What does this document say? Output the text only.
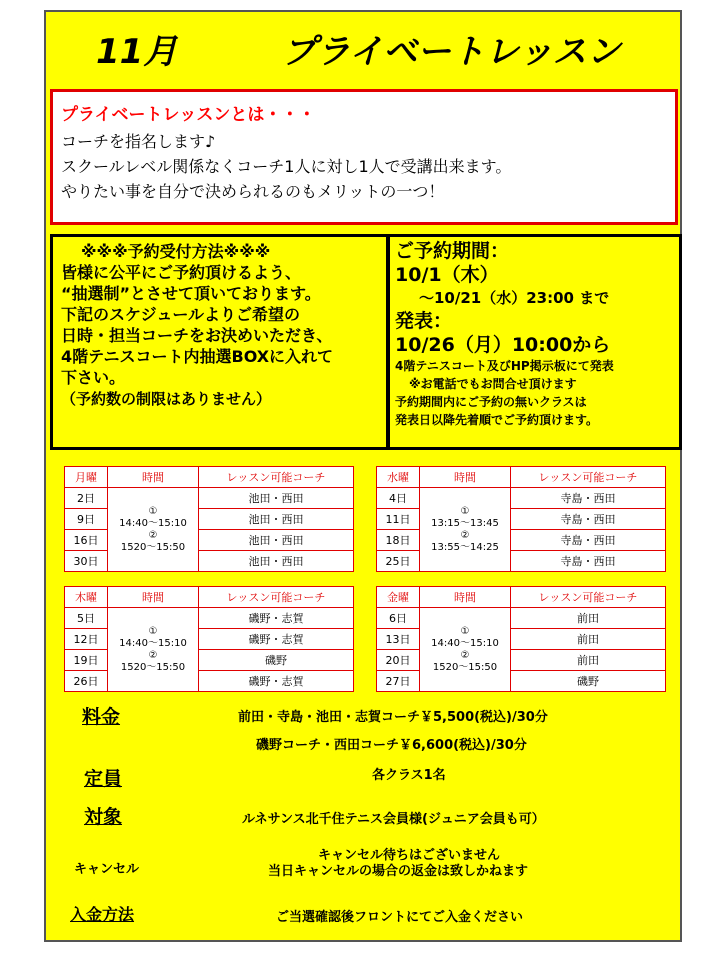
11月	プライベートレッスン
プライベートレッスンとは・・・
コーチを指名します♪
スクールレベル関係なくコーチ1人に対し1人で受講出来ます。
やりたい事を自分で決められるのもメリットの一つ！
※※※予約受付方法※※※
皆様に公平にご予約頂けるよう、
“抽選制”とさせて頂いております。
下記のスケジュールよりご希望の
日時・担当コーチをお決めいただき、
4階テニスコート内抽選BOXに入れて
下さい。
（予約数の制限はありません）
ご予約期間：
10/1（木）
～10/21（水）23:00 まで
発表：
10/26（月）10:00から
4階テニスコート及びHP掲示板にて発表
※お電話でもお問合せ頂けます
予約期間内にご予約の無いクラスは
発表日以降先着順でご予約頂けます。
月曜	時間	レッスン可能コーチ
2日	①
14:40～15:10
②
1520～15:50	池田・西田
9日		池田・西田
16日		池田・西田
30日		池田・西田
水曜	時間	レッスン可能コーチ
4日	①
13:15～13:45
②
13:55～14:25	寺島・西田
11日		寺島・西田
18日		寺島・西田
25日		寺島・西田
木曜	時間	レッスン可能コーチ
5日	①
14:40～15:10
②
1520～15:50	磯野・志賀
12日		磯野・志賀
19日		磯野
26日		磯野・志賀
金曜	時間	レッスン可能コーチ
6日	①
14:40～15:10
②
1520～15:50	前田
13日		前田
20日		前田
27日		磯野
料金	前田・寺島・池田・志賀コーチ￥5,500(税込)/30分
磯野コーチ・西田コーチ￥6,600(税込)/30分
定員	各クラス1名
対象	ルネサンス北千住テニス会員様(ジュニア会員も可）
キャンセル
キャンセル待ちはございません
当日キャンセルの場合の返金は致しかねます
入金方法	ご当選確認後フロントにてご入金ください
